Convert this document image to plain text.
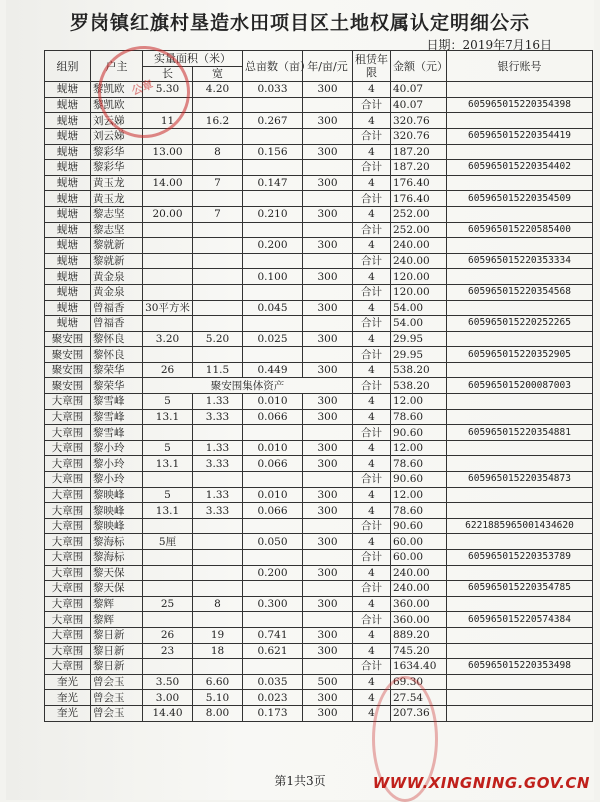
罗岗镇红旗村垦造水田项目区土地权属认定明细公示
日期：2019年7月16日
组别	户主	实量面积（米）		总亩数（亩）	年/亩/元	租赁年限	金额（元）	银行账号
		长	宽					
蚬塘	黎凯欧	5.30	4.20	0.033	300	4	40.07	
蚬塘	黎凯欧					合计	40.07	605965015220354398
蚬塘	刘云娣	11	16.2	0.267	300	4	320.76	
蚬塘	刘云娣					合计	320.76	605965015220354419
蚬塘	黎彩华	13.00	8	0.156	300	4	187.20	
蚬塘	黎彩华					合计	187.20	605965015220354402
蚬塘	黄玉龙	14.00	7	0.147	300	4	176.40	
蚬塘	黄玉龙					合计	176.40	605965015220354509
蚬塘	黎志坚	20.00	7	0.210	300	4	252.00	
蚬塘	黎志坚					合计	252.00	605965015220585400
蚬塘	黎就新			0.200	300	4	240.00	
蚬塘	黎就新					合计	240.00	605965015220353334
蚬塘	黄金泉			0.100	300	4	120.00	
蚬塘	黄金泉					合计	120.00	605965015220354568
蚬塘	曾福香	30平方米		0.045	300	4	54.00	
蚬塘	曾福香					合计	54.00	605965015220252265
聚安围	黎怀良	3.20	5.20	0.025	300	4	29.95	
聚安围	黎怀良					合计	29.95	605965015220352905
聚安围	黎荣华	26	11.5	0.449	300	4	538.20	
聚安围	黎荣华	聚安围集体资产				合计	538.20	605965015200087003
大章围	黎雪峰	5	1.33	0.010	300	4	12.00	
大章围	黎雪峰	13.1	3.33	0.066	300	4	78.60	
大章围	黎雪峰					合计	90.60	605965015220354881
大章围	黎小玲	5	1.33	0.010	300	4	12.00	
大章围	黎小玲	13.1	3.33	0.066	300	4	78.60	
大章围	黎小玲					合计	90.60	605965015220354873
大章围	黎映峰	5	1.33	0.010	300	4	12.00	
大章围	黎映峰	13.1	3.33	0.066	300	4	78.60	
大章围	黎映峰					合计	90.60	6221885965001434620
大章围	黎海标	5厘		0.050	300	4	60.00	
大章围	黎海标					合计	60.00	605965015220353789
大章围	黎天保			0.200	300	4	240.00	
大章围	黎天保					合计	240.00	605965015220354785
大章围	黎辉	25	8	0.300	300	4	360.00	
大章围	黎辉					合计	360.00	605965015220574384
大章围	黎日新	26	19	0.741	300	4	889.20	
大章围	黎日新	23	18	0.621	300	4	745.20	
大章围	黎日新					合计	1634.40	605965015220353498
奎光	曾会玉	3.50	6.60	0.035	500	4	69.30	
奎光	曾会玉	3.00	5.10	0.023	300	4	27.54	
奎光	曾会玉	14.40	8.00	0.173	300	4	207.36	
公章
第1共3页	WWW.XINGNING.GOV.CN
